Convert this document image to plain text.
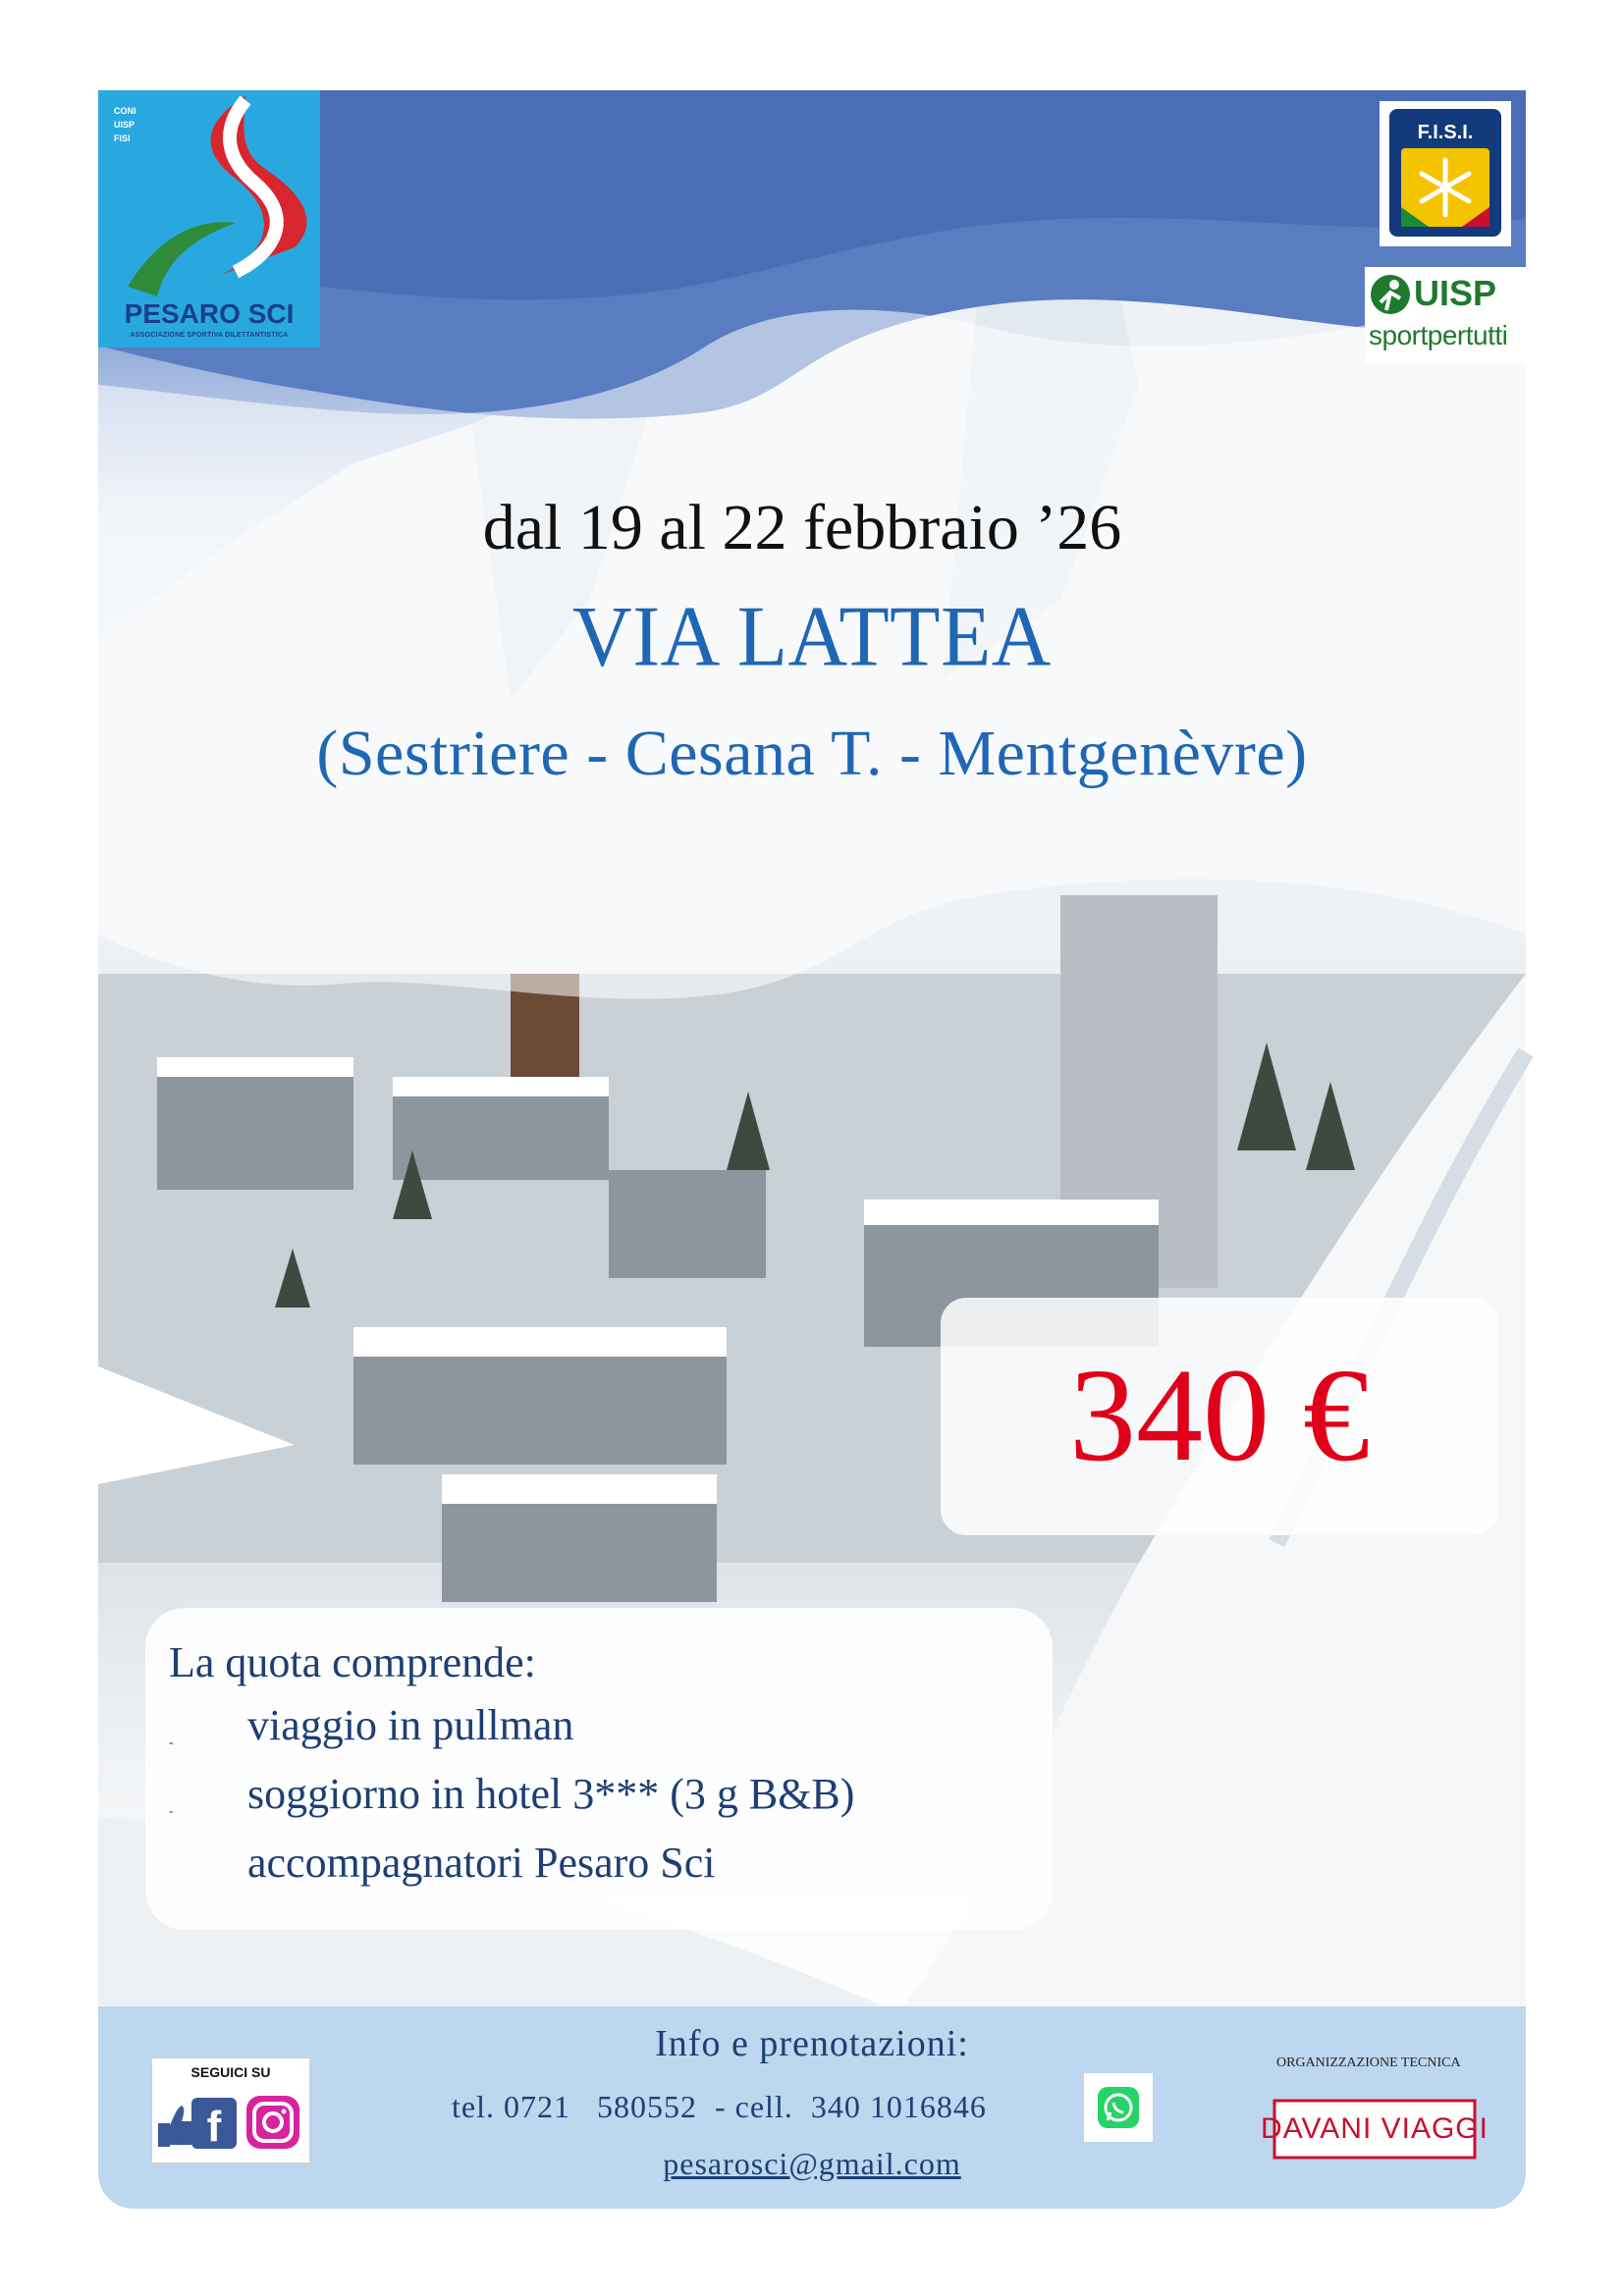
CONI
UISP
FISI
PESARO SCI
ASSOCIAZIONE SPORTIVA DILETTANTISTICA
F.I.S.I.
UISP
sportpertutti
dal 19 al 22 febbraio ’26
VIA LATTEA
(Sestriere - Cesana T. - Mentgenèvre)
340 €
La quota comprende:
- viaggio in pullman
- soggiorno in hotel 3*** (3 g B&B)
accompagnatori Pesaro Sci
SEGUICI SU
f
Info e prenotazioni:
tel. 0721   580552  - cell.  340 1016846
pesarosci@gmail.com
ORGANIZZAZIONE TECNICA
DAVANI VIAGGI
